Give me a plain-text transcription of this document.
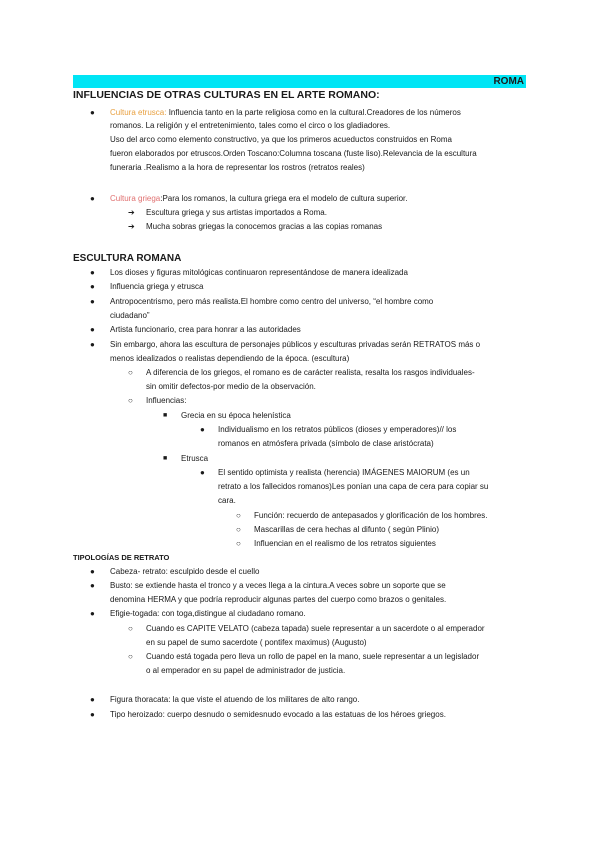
ROMA
INFLUENCIAS DE OTRAS CULTURAS EN EL ARTE ROMANO:
● Cultura etrusca: Influencia tanto en la parte religiosa como en la cultural.Creadores de los números
romanos. La religión y el entretenimiento, tales como el circo o los gladiadores.
Uso del arco como elemento constructivo, ya que los primeros acueductos construidos en Roma
fueron elaborados por etruscos.Orden Toscano:Columna toscana (fuste liso).Relevancia de la escultura
funeraria .Realismo a la hora de representar los rostros (retratos reales)
● Cultura griega:Para los romanos, la cultura griega era el modelo de cultura superior.
➔ Escultura griega y sus artistas importados a Roma.
➔ Mucha sobras griegas la conocemos gracias a las copias romanas
ESCULTURA ROMANA
● Los dioses y figuras mitológicas continuaron representándose de manera idealizada
● Influencia griega y etrusca
● Antropocentrismo, pero más realista.El hombre como centro del universo, “el hombre como
ciudadano”
● Artista funcionario, crea para honrar a las autoridades
● Sin embargo, ahora las escultura de personajes públicos y esculturas privadas serán RETRATOS más o
menos idealizados o realistas dependiendo de la época. (escultura)
○ A diferencia de los griegos, el romano es de carácter realista, resalta los rasgos individuales-
sin omitir defectos-por medio de la observación.
○ Influencias:
■ Grecia en su época helenística
● Individualismo en los retratos públicos (dioses y emperadores)// los
romanos en atmósfera privada (símbolo de clase aristócrata)
■ Etrusca
● El sentido optimista y realista (herencia) IMÁGENES MAIORUM (es un
retrato a los fallecidos romanos)Les ponían una capa de cera para copiar su
cara.
○ Función: recuerdo de antepasados y glorificación de los hombres.
○ Mascarillas de cera hechas al difunto ( según Plinio)
○ Influencian en el realismo de los retratos siguientes
TIPOLOGÍAS DE RETRATO
● Cabeza- retrato: esculpido desde el cuello
● Busto: se extiende hasta el tronco y a veces llega a la cintura.A veces sobre un soporte que se
denomina HERMA y que podría reproducir algunas partes del cuerpo como brazos o genitales.
● Efigie-togada: con toga,distingue al ciudadano romano.
○ Cuando es CAPITE VELATO (cabeza tapada) suele representar a un sacerdote o al emperador
en su papel de sumo sacerdote ( pontifex maximus) (Augusto)
○ Cuando está togada pero lleva un rollo de papel en la mano, suele representar a un legislador
o al emperador en su papel de administrador de justicia.
● Figura thoracata: la que viste el atuendo de los militares de alto rango.
● Tipo heroizado: cuerpo desnudo o semidesnudo evocado a las estatuas de los héroes griegos.
